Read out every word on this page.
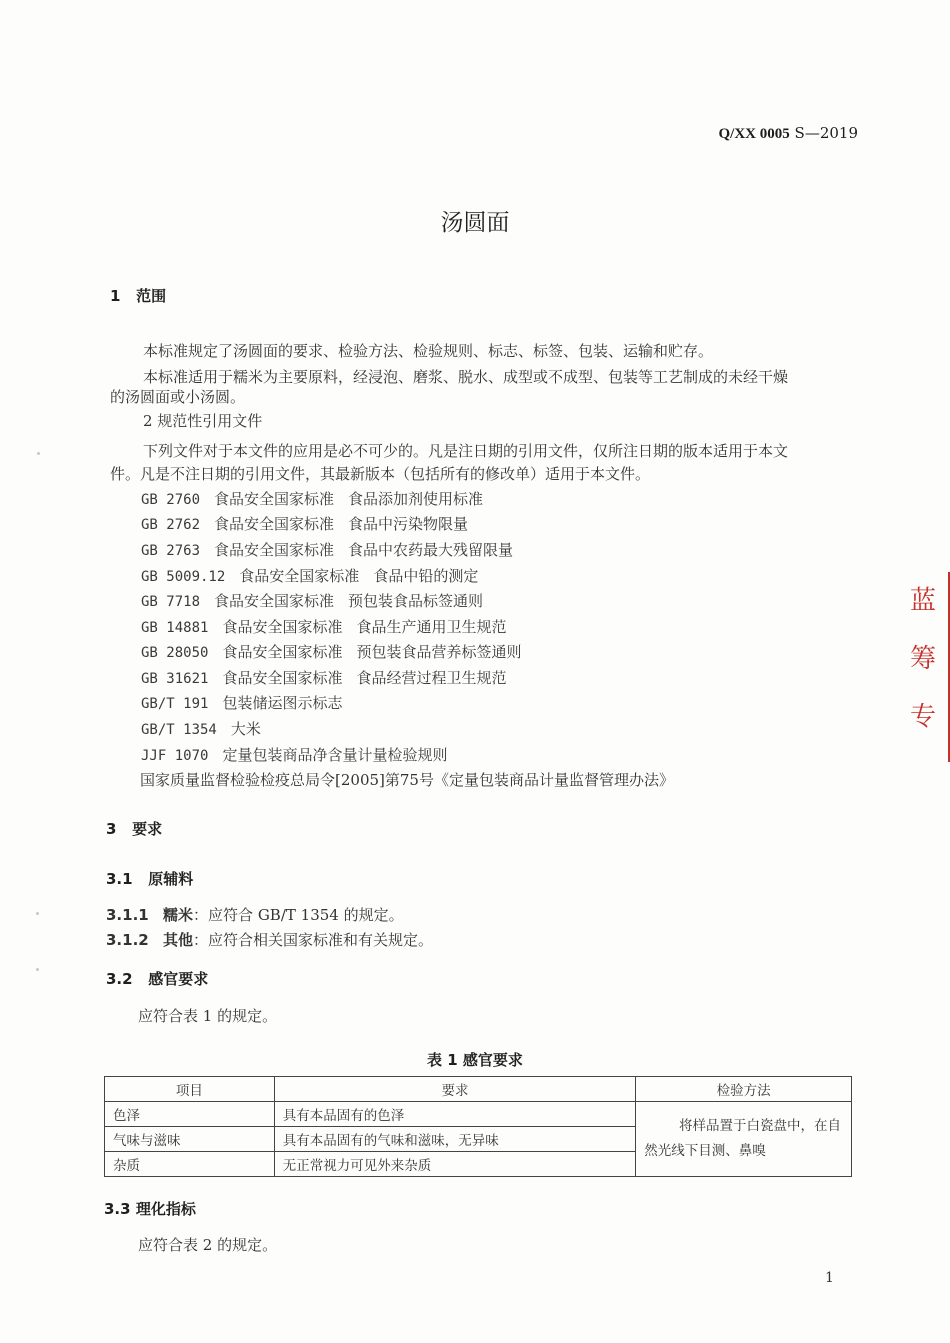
Q/XX 0005 S—2019
汤圆面
1 范围
本标准规定了汤圆面的要求、检验方法、检验规则、标志、标签、包装、运输和贮存。
本标准适用于糯米为主要原料，经浸泡、磨浆、脱水、成型或不成型、包装等工艺制成的未经干燥
的汤圆面或小汤圆。
2 规范性引用文件
下列文件对于本文件的应用是必不可少的。凡是注日期的引用文件，仅所注日期的版本适用于本文
件。凡是不注日期的引用文件，其最新版本（包括所有的修改单）适用于本文件。
GB 2760 食品安全国家标准 食品添加剂使用标准
GB 2762 食品安全国家标准 食品中污染物限量
GB 2763 食品安全国家标准 食品中农药最大残留限量
GB 5009.12 食品安全国家标准 食品中铅的测定
GB 7718 食品安全国家标准 预包装食品标签通则
GB 14881 食品安全国家标准 食品生产通用卫生规范
GB 28050 食品安全国家标准 预包装食品营养标签通则
GB 31621 食品安全国家标准 食品经营过程卫生规范
GB/T 191 包装储运图示标志
GB/T 1354 大米
JJF 1070 定量包装商品净含量计量检验规则
国家质量监督检验检疫总局令[2005]第75号《定量包装商品计量监督管理办法》
3 要求
3.1 原辅料
3.1.1 糯米：应符合 GB/T 1354 的规定。
3.1.2 其他：应符合相关国家标准和有关规定。
3.2 感官要求
应符合表 1 的规定。
表 1 感官要求
项目	要求	检验方法
色泽	具有本品固有的色泽	将样品置于白瓷盘中，在自
然光线下目测、鼻嗅

气味与滋味	具有本品固有的气味和滋味，无异味	
杂质	无正常视力可见外来杂质	
3.3 理化指标
应符合表 2 的规定。
蓝
筹
专
1
